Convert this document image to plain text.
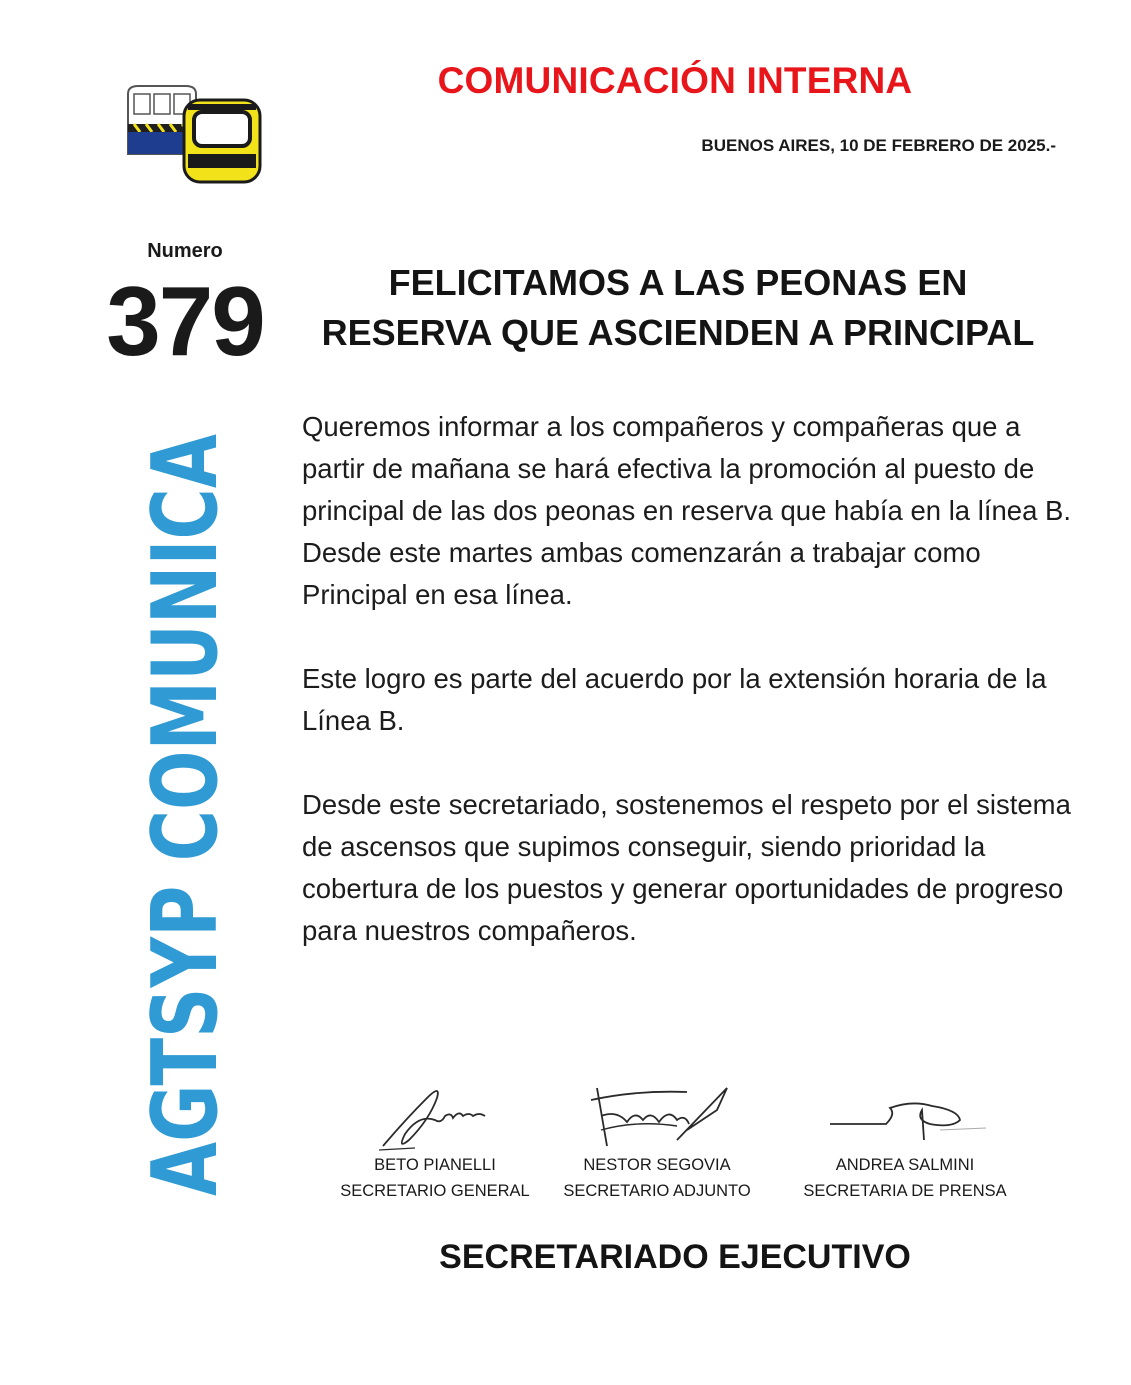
COMUNICACIÓN INTERNA
BUENOS AIRES, 10 DE FEBRERO DE 2025.-
Numero
379
AGTSYP COMU
FELICITAMOS A LAS PEONAS EN
RESERVA QUE ASCIENDEN A PRINCIPAL

Queremos informar a los compañeros y compañeras que a partir de mañana se hará efectiva la promoción al puesto de principal de las dos peonas en reserva que había en la línea B. Desde este martes ambas comenzarán a trabajar como Principal en esa línea.

Este logro es parte del acuerdo por la extensión horaria de la Línea B.

Desde este secretariado, sostenemos el respeto por el sistema de ascensos que supimos conseguir, siendo prioridad la cobertura de los puestos y generar oportunidades de progreso para nuestros compañeros.

BETO PIANELLI
SECRETARIO GENERAL
NESTOR SEGOVIA
SECRETARIO ADJUNTO
ANDREA SALMINI
SECRETARIA DE PRENSA
SECRETARIADO EJECUTIVO
